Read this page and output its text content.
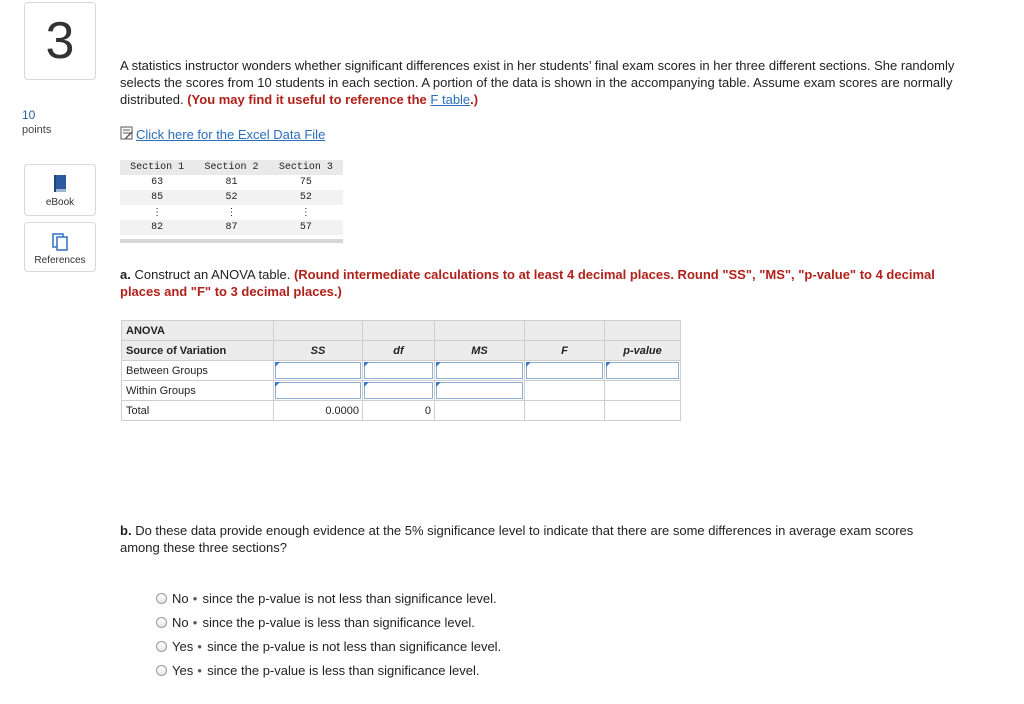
3
10
points
eBook
References
A statistics instructor wonders whether significant differences exist in her students’ final exam scores in her three different sections. She randomly selects the scores from 10 students in each section. A portion of the data is shown in the accompanying table. Assume exam scores are normally distributed. (You may find it useful to reference the F table.)
Click here for the Excel Data File
Section 1	Section 2	Section 3
63	81	75
85	52	52
⋮	⋮	⋮
82	87	57
a. Construct an ANOVA table. (Round intermediate calculations to at least 4 decimal places. Round "SS", "MS", "p-value" to 4 decimal places and "F" to 3 decimal places.)
ANOVA					
Source of Variation	SS	df	MS	F	p-value
Between Groups	

Within Groups	

Total	0.0000	0			
b. Do these data provide enough evidence at the 5% significance level to indicate that there are some differences in average exam scores among these three sections?
No ● since the p-value is not less than significance level.
No ● since the p-value is less than significance level.
Yes ● since the p-value is not less than significance level.
Yes ● since the p-value is less than significance level.
